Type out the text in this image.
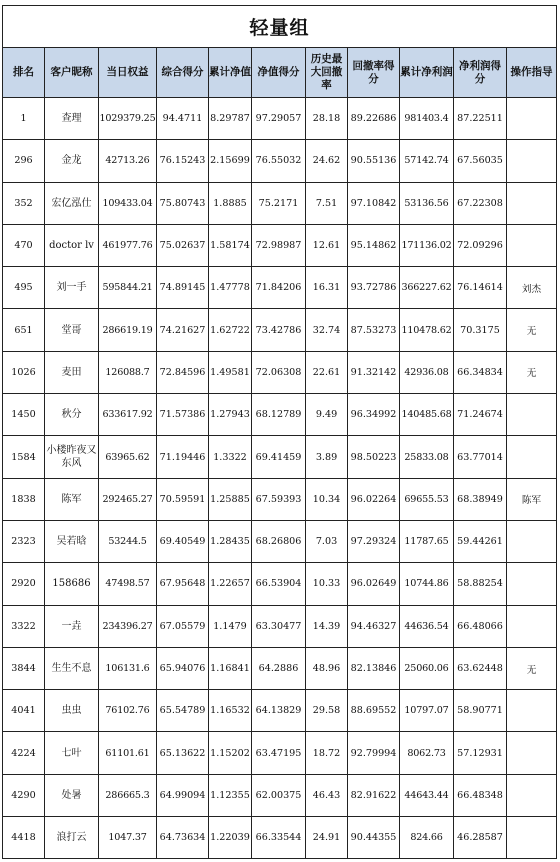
轻量组										
排名	客户昵称	当日权益	综合得分	累计净值	净值得分	历史最大回撤率	回撤率得分	累计净利润	净利润得分	操作指导
1	查理	1029379.25	94.4711	8.29787	97.29057	28.18	89.22686	981403.4	87.22511	
296	金龙	42713.26	76.15243	2.15699	76.55032	24.62	90.55136	57142.74	67.56035	
352	宏亿泓仕	109433.04	75.80743	1.8885	75.2171	7.51	97.10842	53136.56	67.22308	
470	doctor lv	461977.76	75.02637	1.58174	72.98987	12.61	95.14862	171136.02	72.09296	
495	刘一手	595844.21	74.89145	1.47778	71.84206	16.31	93.72786	366227.62	76.14614	刘杰
651	堂哥	286619.19	74.21627	1.62722	73.42786	32.74	87.53273	110478.62	70.3175	无
1026	麦田	126088.7	72.84596	1.49581	72.06308	22.61	91.32142	42936.08	66.34834	无
1450	秋分	633617.92	71.57386	1.27943	68.12789	9.49	96.34992	140485.68	71.24674	
1584	小楼昨夜又东风	63965.62	71.19446	1.3322	69.41459	3.89	98.50223	25833.08	63.77014	
1838	陈军	292465.27	70.59591	1.25885	67.59393	10.34	96.02264	69655.53	68.38949	陈军
2323	吴若晗	53244.5	69.40549	1.28435	68.26806	7.03	97.29324	11787.65	59.44261	
2920	158686	47498.57	67.95648	1.22657	66.53904	10.33	96.02649	10744.86	58.88254	
3322	一垚	234396.27	67.05579	1.1479	63.30477	14.39	94.46327	44636.54	66.48066	
3844	生生不息	106131.6	65.94076	1.16841	64.2886	48.96	82.13846	25060.06	63.62448	无
4041	虫虫	76102.76	65.54789	1.16532	64.13829	29.58	88.69552	10797.07	58.90771	
4224	七叶	61101.61	65.13622	1.15202	63.47195	18.72	92.79994	8062.73	57.12931	
4290	处暑	286665.3	64.99094	1.12355	62.00375	46.43	82.91622	44643.44	66.48348	
4418	浪打云	1047.37	64.73634	1.22039	66.33544	24.91	90.44355	824.66	46.28587	
